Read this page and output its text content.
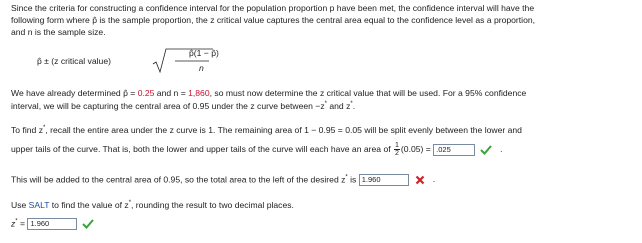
Since the criteria for constructing a confidence interval for the population proportion p have been met, the confidence interval will have the
following form where p̂ is the sample proportion, the z critical value captures the central area equal to the confidence level as a proportion,
and n is the sample size.
p̂ ± (z critical value)
p̂(1 − p̂)
n
We have already determined p̂ = 0.25 and n = 1,860, so must now determine the z critical value that will be used. For a 95% confidence
interval, we will be capturing the central area of 0.95 under the z curve between −z* and z*.
To find z*, recall the entire area under the z curve is 1. The remaining area of 1 − 0.95 = 0.05 will be split evenly between the lower and
upper tails of the curve. That is, both the lower and upper tails of the curve will each have an area of $\frac{1}{2} (0.05) = .025$	.
This will be added to the central area of 0.95, so the total area to the left of the desired z* is 1.960	.
Use SALT to find the value of z*, rounding the result to two decimal places.
z* = 1.960
